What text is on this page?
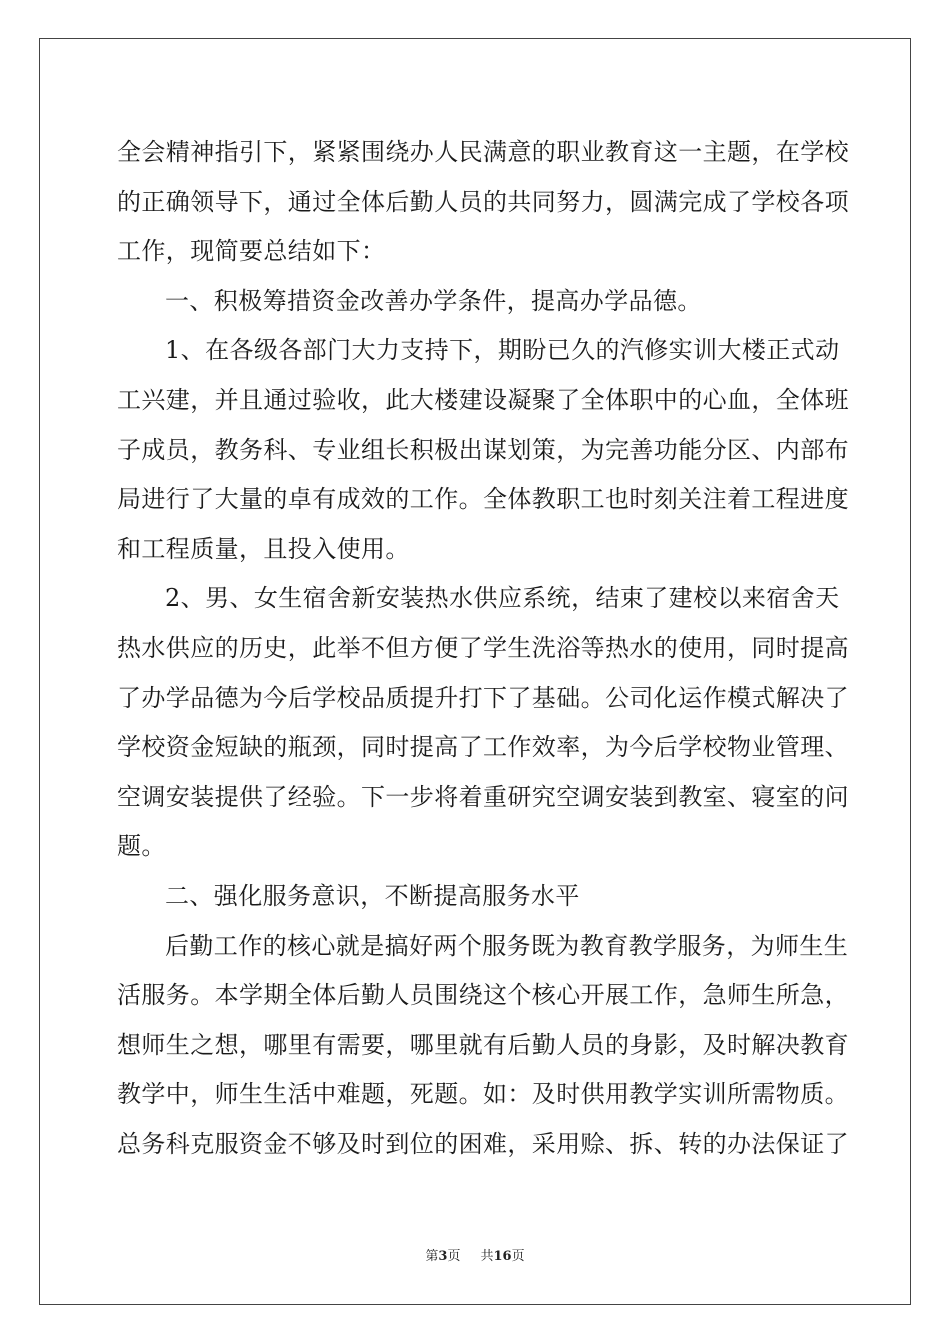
全会精神指引下，紧紧围绕办人民满意的职业教育这一主题，在学校
的正确领导下，通过全体后勤人员的共同努力，圆满完成了学校各项
工作，现简要总结如下：
一、积极筹措资金改善办学条件，提高办学品德。
1、在各级各部门大力支持下，期盼已久的汽修实训大楼正式动
工兴建，并且通过验收，此大楼建设凝聚了全体职中的心血，全体班
子成员，教务科、专业组长积极出谋划策，为完善功能分区、内部布
局进行了大量的卓有成效的工作。全体教职工也时刻关注着工程进度
和工程质量，且投入使用。
2、男、女生宿舍新安装热水供应系统，结束了建校以来宿舍天
热水供应的历史，此举不但方便了学生洗浴等热水的使用，同时提高
了办学品德为今后学校品质提升打下了基础。公司化运作模式解决了
学校资金短缺的瓶颈，同时提高了工作效率，为今后学校物业管理、
空调安装提供了经验。下一步将着重研究空调安装到教室、寝室的问
题。
二、强化服务意识，不断提高服务水平
后勤工作的核心就是搞好两个服务既为教育教学服务，为师生生
活服务。本学期全体后勤人员围绕这个核心开展工作，急师生所急，
想师生之想，哪里有需要，哪里就有后勤人员的身影，及时解决教育
教学中，师生生活中难题，死题。如：及时供用教学实训所需物质。
总务科克服资金不够及时到位的困难，采用赊、拆、转的办法保证了
第3页 共16页
